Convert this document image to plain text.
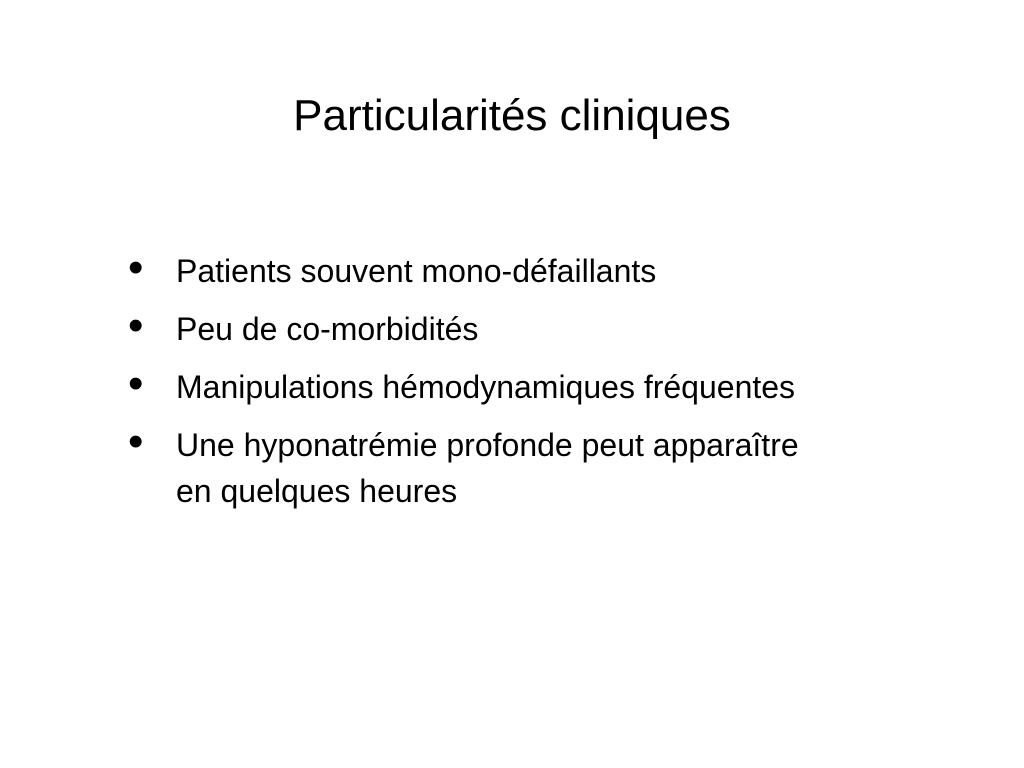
Particularités cliniques
•	Patients souvent mono-défaillants
•	Peu de co-morbidités
•	Manipulations hémodynamiques fréquentes
•	Une hyponatrémie profonde peut apparaître en quelques heures
